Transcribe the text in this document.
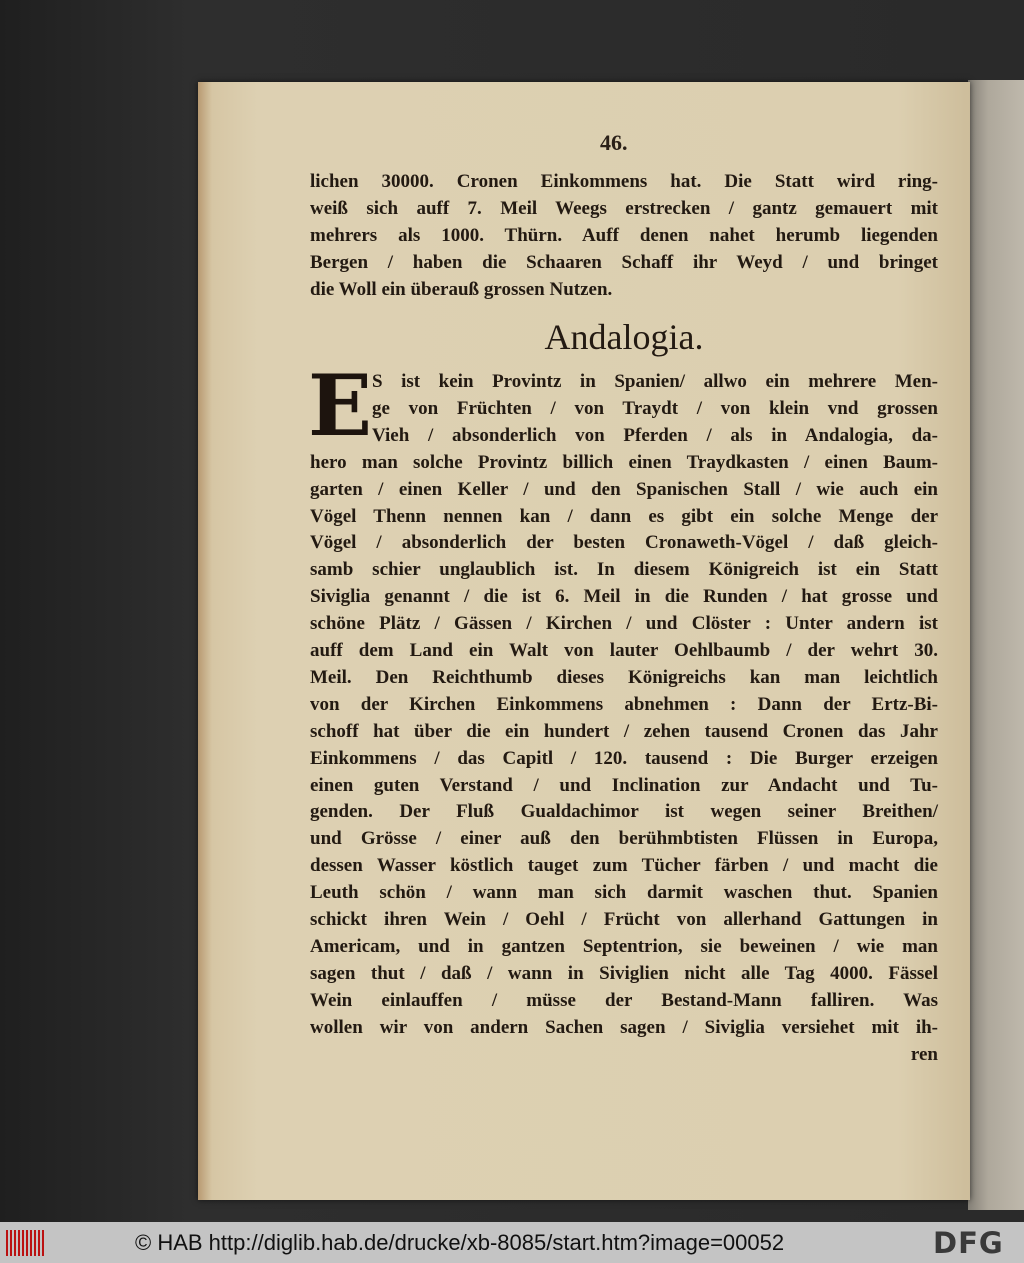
46.
lichen 30000. Cronen Einkommens hat. Die Statt wird ring-
weiß sich auff 7. Meil Weegs erstrecken / gantz gemauert mit
mehrers als 1000. Thürn. Auff denen nahet herumb liegenden
Bergen / haben die Schaaren Schaff ihr Weyd / und bringet
die Woll ein überauß grossen Nutzen.
Andalogia.
E S ist kein Provintz in Spanien/ allwo ein mehrere Men-
ge von Früchten / von Traydt / von klein vnd grossen
Vieh / absonderlich von Pferden / als in Andalogia, da-
hero man solche Provintz billich einen Traydkasten / einen Baum-
garten / einen Keller / und den Spanischen Stall / wie auch ein
Vögel Thenn nennen kan / dann es gibt ein solche Menge der
Vögel / absonderlich der besten Cronaweth-Vögel / daß gleich-
samb schier unglaublich ist. In diesem Königreich ist ein Statt
Siviglia genannt / die ist 6. Meil in die Runden / hat grosse und
schöne Plätz / Gässen / Kirchen / und Clöster : Unter andern ist
auff dem Land ein Walt von lauter Oehlbaumb / der wehrt 30.
Meil. Den Reichthumb dieses Königreichs kan man leichtlich
von der Kirchen Einkommens abnehmen : Dann der Ertz-Bi-
schoff hat über die ein hundert / zehen tausend Cronen das Jahr
Einkommens / das Capitl / 120. tausend : Die Burger erzeigen
einen guten Verstand / und Inclination zur Andacht und Tu-
genden. Der Fluß Gualdachimor ist wegen seiner Breithen/
und Grösse / einer auß den berühmbtisten Flüssen in Europa,
dessen Wasser köstlich tauget zum Tücher färben / und macht die
Leuth schön / wann man sich darmit waschen thut. Spanien
schickt ihren Wein / Oehl / Frücht von allerhand Gattungen in
Americam, und in gantzen Septentrion, sie beweinen / wie man
sagen thut / daß / wann in Siviglien nicht alle Tag 4000. Fässel
Wein einlauffen / müsse der Bestand-Mann falliren. Was
wollen wir von andern Sachen sagen / Siviglia versiehet mit ih-
ren
© HAB http://diglib.hab.de/drucke/xb-8085/start.htm?image=00052	DFG
